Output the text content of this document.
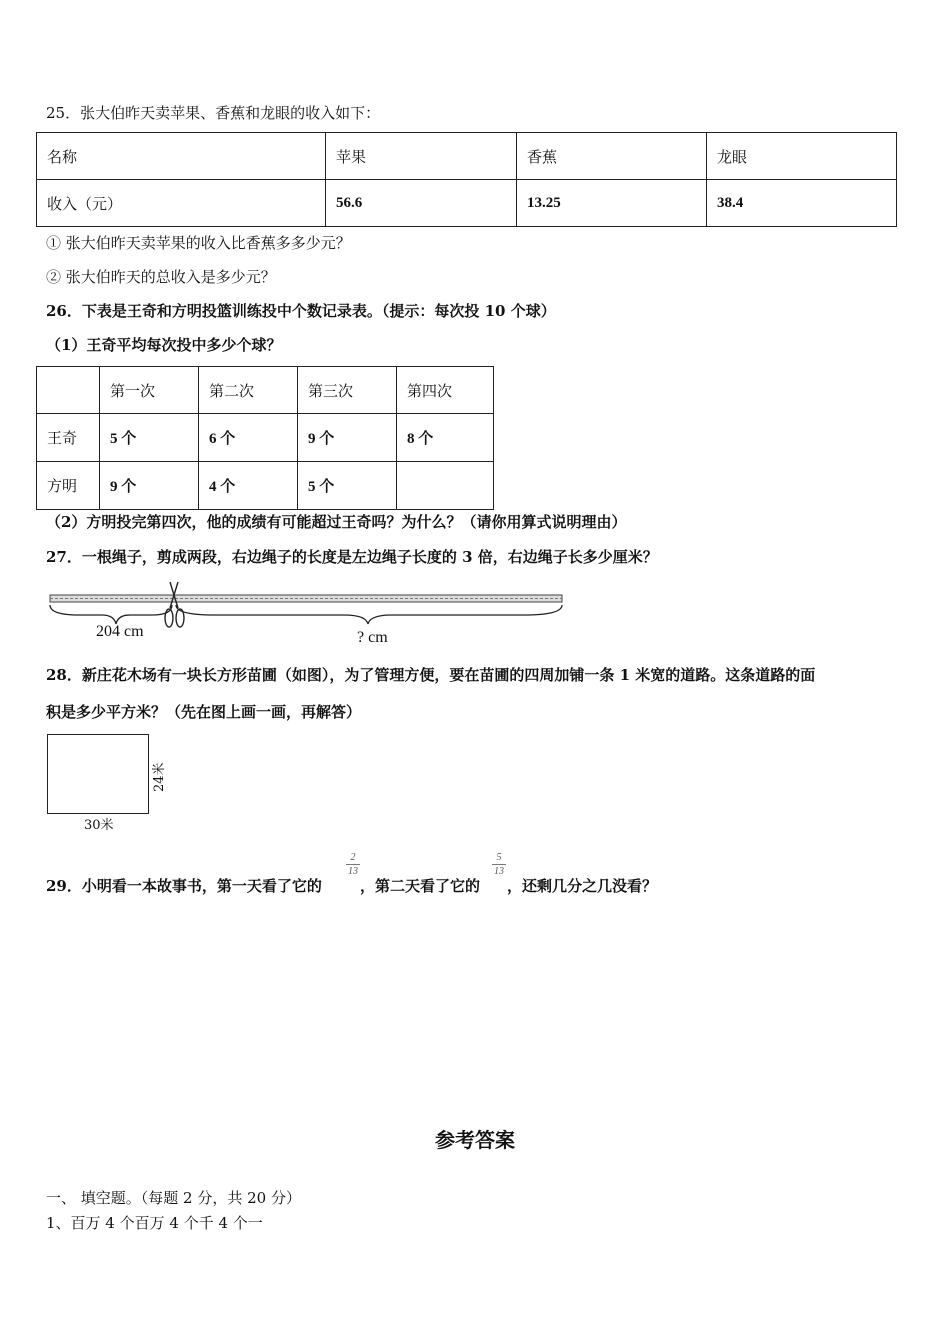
25．张大伯昨天卖苹果、香蕉和龙眼的收入如下：
名称	苹果	香蕉	龙眼
收入（元）	56.6	13.25	38.4
① 张大伯昨天卖苹果的收入比香蕉多多少元？
② 张大伯昨天的总收入是多少元？
26．下表是王奇和方明投篮训练投中个数记录表。（提示：每次投 10 个球）
（1）王奇平均每次投中多少个球？
	第一次	第二次	第三次	第四次
王奇	5 个	6 个	9 个	8 个
方明	9 个	4 个	5 个	
（2）方明投完第四次，他的成绩有可能超过王奇吗？为什么？（请你用算式说明理由）
27．一根绳子，剪成两段，右边绳子的长度是左边绳子长度的 3 倍，右边绳子长多少厘米？
204 cm	? cm
28．新庄花木场有一块长方形苗圃（如图），为了管理方便，要在苗圃的四周加铺一条 1 米宽的道路。这条道路的面
积是多少平方米？（先在图上画一画，再解答）
30米
24米
29．小明看一本故事书，第一天看了它的
2
13
，第二天看了它的
5
13
，还剩几分之几没看？
参考答案
一、 填空题。（每题 2 分，共 20 分）
1、百万 4 个百万 4 个千 4 个一
